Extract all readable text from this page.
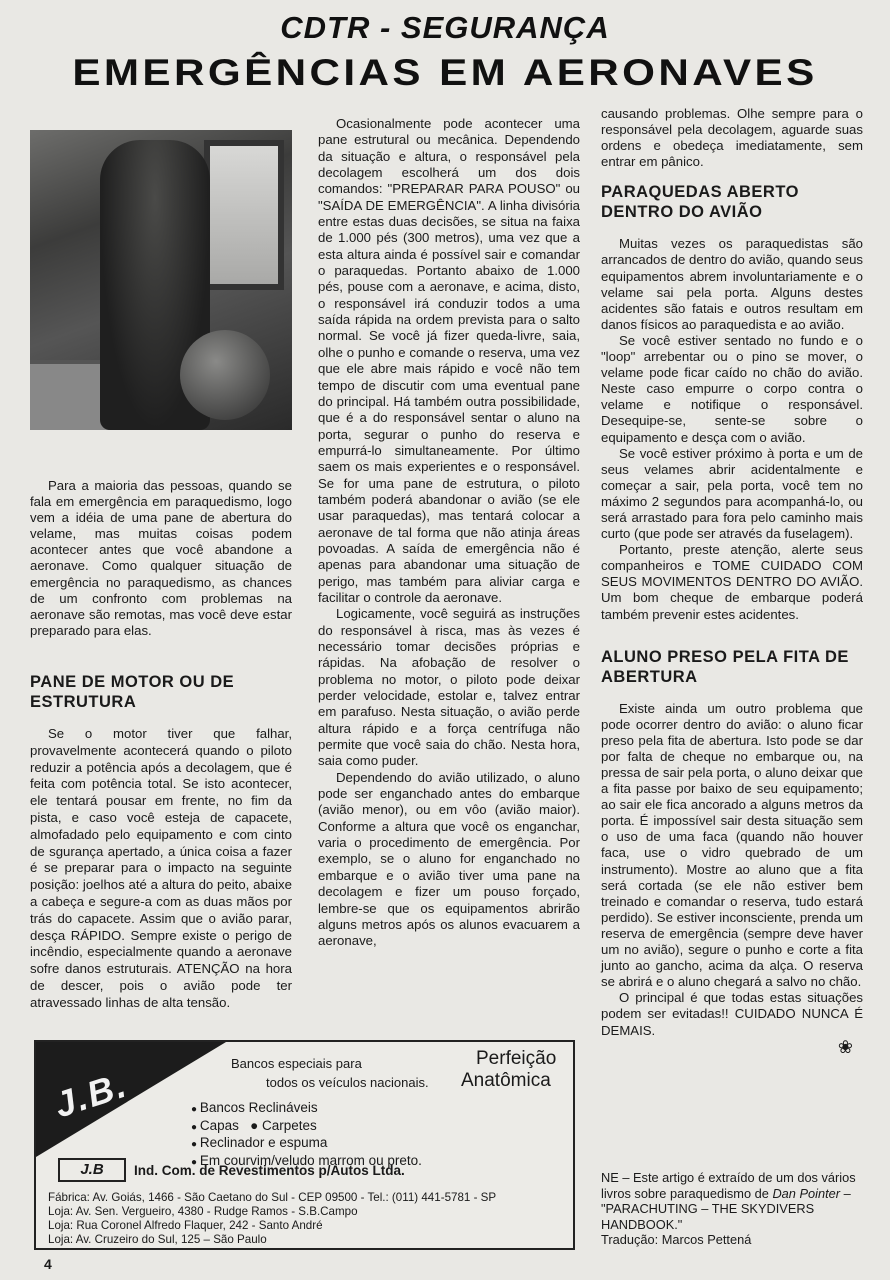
CDTR - SEGURANÇA
EMERGÊNCIAS EM AERONAVES

Para a maioria das pessoas, quando se fala em emergência em paraquedismo, logo vem a idéia de uma pane de abertura do velame, mas muitas coisas podem acontecer antes que você abandone a aeronave. Como qualquer situação de emergência no paraquedismo, as chances de um confronto com problemas na aeronave são remotas, mas você deve estar preparado para elas.

PANE DE MOTOR OU DE ESTRUTURA

Se o motor tiver que falhar, provavelmente acontecerá quando o piloto reduzir a potência após a decolagem, que é feita com potência total. Se isto acontecer, ele tentará pousar em frente, no fim da pista, e caso você esteja de capacete, almofadado pelo equipamento e com cinto de sgurança apertado, a única coisa a fazer é se preparar para o impacto na seguinte posição: joelhos até a altura do peito, abaixe a cabeça e segure-a com as duas mãos por trás do capacete. Assim que o avião parar, desça RÁPIDO. Sempre existe o perigo de incêndio, especialmente quando a aeronave sofre danos estruturais. ATENÇÃO na hora de descer, pois o avião pode ter atravessado linhas de alta tensão.

Ocasionalmente pode acontecer uma pane estrutural ou mecânica. Dependendo da situação e altura, o responsável pela decolagem escolherá um dos dois comandos: "PREPARAR PARA POUSO" ou "SAÍDA DE EMERGÊNCIA". A linha divisória entre estas duas decisões, se situa na faixa de 1.000 pés (300 metros), uma vez que a esta altura ainda é possível sair e comandar o paraquedas. Portanto abaixo de 1.000 pés, pouse com a aeronave, e acima, disto, o responsável irá conduzir todos a uma saída rápida na ordem prevista para o salto normal. Se você já fizer queda-livre, saia, olhe o punho e comande o reserva, uma vez que ele abre mais rápido e você não tem tempo de discutir com uma eventual pane do principal. Há também outra possibilidade, que é a do responsável sentar o aluno na porta, segurar o punho do reserva e empurrá-lo simultaneamente. Por último saem os mais experientes e o responsável. Se for uma pane de estrutura, o piloto também poderá abandonar o avião (se ele usar paraquedas), mas tentará colocar a aeronave de tal forma que não atinja áreas povoadas. A saída de emergência não é apenas para abandonar uma situação de perigo, mas também para aliviar carga e facilitar o controle da aeronave.

Logicamente, você seguirá as instruções do responsável à risca, mas às vezes é necessário tomar decisões próprias e rápidas. Na afobação de resolver o problema no motor, o piloto pode deixar perder velocidade, estolar e, talvez entrar em parafuso. Nesta situação, o avião perde altura rápido e a força centrífuga não permite que você saia do chão. Nesta hora, saia como puder.

Dependendo do avião utilizado, o aluno pode ser enganchado antes do embarque (avião menor), ou em vôo (avião maior). Conforme a altura que você os enganchar, varia o procedimento de emergência. Por exemplo, se o aluno for enganchado no embarque e o avião tiver uma pane na decolagem e fizer um pouso forçado, lembre-se que os equipamentos abrirão alguns metros após os alunos evacuarem a aeronave,

causando problemas. Olhe sempre para o responsável pela decolagem, aguarde suas ordens e obedeça imediatamente, sem entrar em pânico.

PARAQUEDAS ABERTO DENTRO DO AVIÃO

Muitas vezes os paraquedistas são arrancados de dentro do avião, quando seus equipamentos abrem involuntariamente e o velame sai pela porta. Alguns destes acidentes são fatais e outros resultam em danos físicos ao paraquedista e ao avião.

Se você estiver sentado no fundo e o "loop" arrebentar ou o pino se mover, o velame pode ficar caído no chão do avião. Neste caso empurre o corpo contra o velame e notifique o responsável. Desequipe-se, sente-se sobre o equipamento e desça com o avião.

Se você estiver próximo à porta e um de seus velames abrir acidentalmente e começar a sair, pela porta, você tem no máximo 2 segundos para acompanhá-lo, ou será arrastado para fora pelo caminho mais curto (que pode ser através da fuselagem).

Portanto, preste atenção, alerte seus companheiros e TOME CUIDADO COM SEUS MOVIMENTOS DENTRO DO AVIÃO. Um bom cheque de embarque poderá também prevenir estes acidentes.

ALUNO PRESO PELA FITA DE ABERTURA

Existe ainda um outro problema que pode ocorrer dentro do avião: o aluno ficar preso pela fita de abertura. Isto pode se dar por falta de cheque no embarque ou, na pressa de sair pela porta, o aluno deixar que a fita passe por baixo de seu equipamento; ao sair ele fica ancorado a alguns metros da porta. É impossível sair desta situação sem o uso de uma faca (quando não houver faca, use o vidro quebrado de um instrumento). Mostre ao aluno que a fita será cortada (se ele não estiver bem treinado e comandar o reserva, tudo estará perdido). Se estiver inconsciente, prenda um reserva de emergência (sempre deve haver um no avião), segure o punho e corte a fita junto ao gancho, acima da alça. O reserva se abrirá e o aluno chegará a salvo no chão.

O principal é que todas estas situações podem ser evitadas!! CUIDADO NUNCA É DEMAIS.

❀

NE – Este artigo é extraído de um dos vários livros sobre paraquedismo de Dan Pointer – "PARACHUTING – THE SKYDIVERS HANDBOOK."

Tradução: Marcos Pettená

J.B.
Bancos especiais para
todos os veículos nacionais.
Perfeição
Anatômica
● Bancos Reclináveis
● Capas   ● Carpetes
● Reclinador e espuma
● Em courvim/veludo marrom ou preto.
J.B	Ind. Com. de Revestimentos p/Autos Ltda.
Fábrica: Av. Goiás, 1466 - São Caetano do Sul - CEP 09500 - Tel.: (011) 441-5781 - SP
Loja: Av. Sen. Vergueiro, 4380 - Rudge Ramos - S.B.Campo
Loja: Rua Coronel Alfredo Flaquer, 242 - Santo André
Loja: Av. Cruzeiro do Sul, 125 – São Paulo
4
